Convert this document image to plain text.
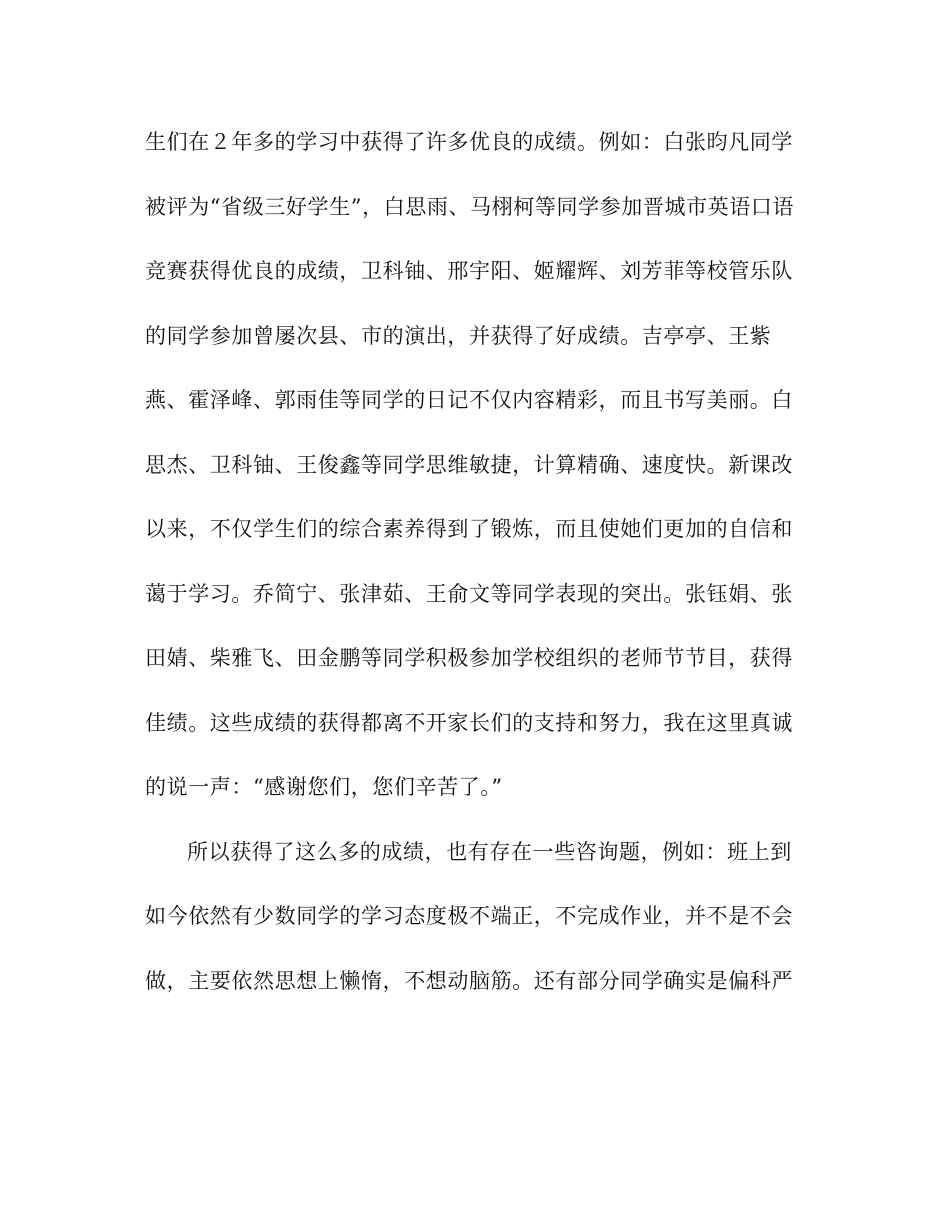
生们在２年多的学习中获得了许多优良的成绩。例如：白张昀凡同学
被评为“省级三好学生”，白思雨、马栩柯等同学参加晋城市英语口语
竞赛获得优良的成绩，卫科铀、邢宇阳、姬耀辉、刘芳菲等校管乐队
的同学参加曾屡次县、市的演出，并获得了好成绩。吉亭亭、王紫
燕、霍泽峰、郭雨佳等同学的日记不仅内容精彩，而且书写美丽。白
思杰、卫科铀、王俊鑫等同学思维敏捷，计算精确、速度快。新课改
以来，不仅学生们的综合素养得到了锻炼，而且使她们更加的自信和
蔼于学习。乔简宁、张津茹、王俞文等同学表现的突出。张钰娟、张
田婧、柴雅飞、田金鹏等同学积极参加学校组织的老师节节目，获得
佳绩。这些成绩的获得都离不开家长们的支持和努力，我在这里真诚
的说一声：“感谢您们，您们辛苦了。”
所以获得了这么多的成绩，也有存在一些咨询题，例如：班上到
如今依然有少数同学的学习态度极不端正，不完成作业，并不是不会
做，主要依然思想上懒惰，不想动脑筋。还有部分同学确实是偏科严
